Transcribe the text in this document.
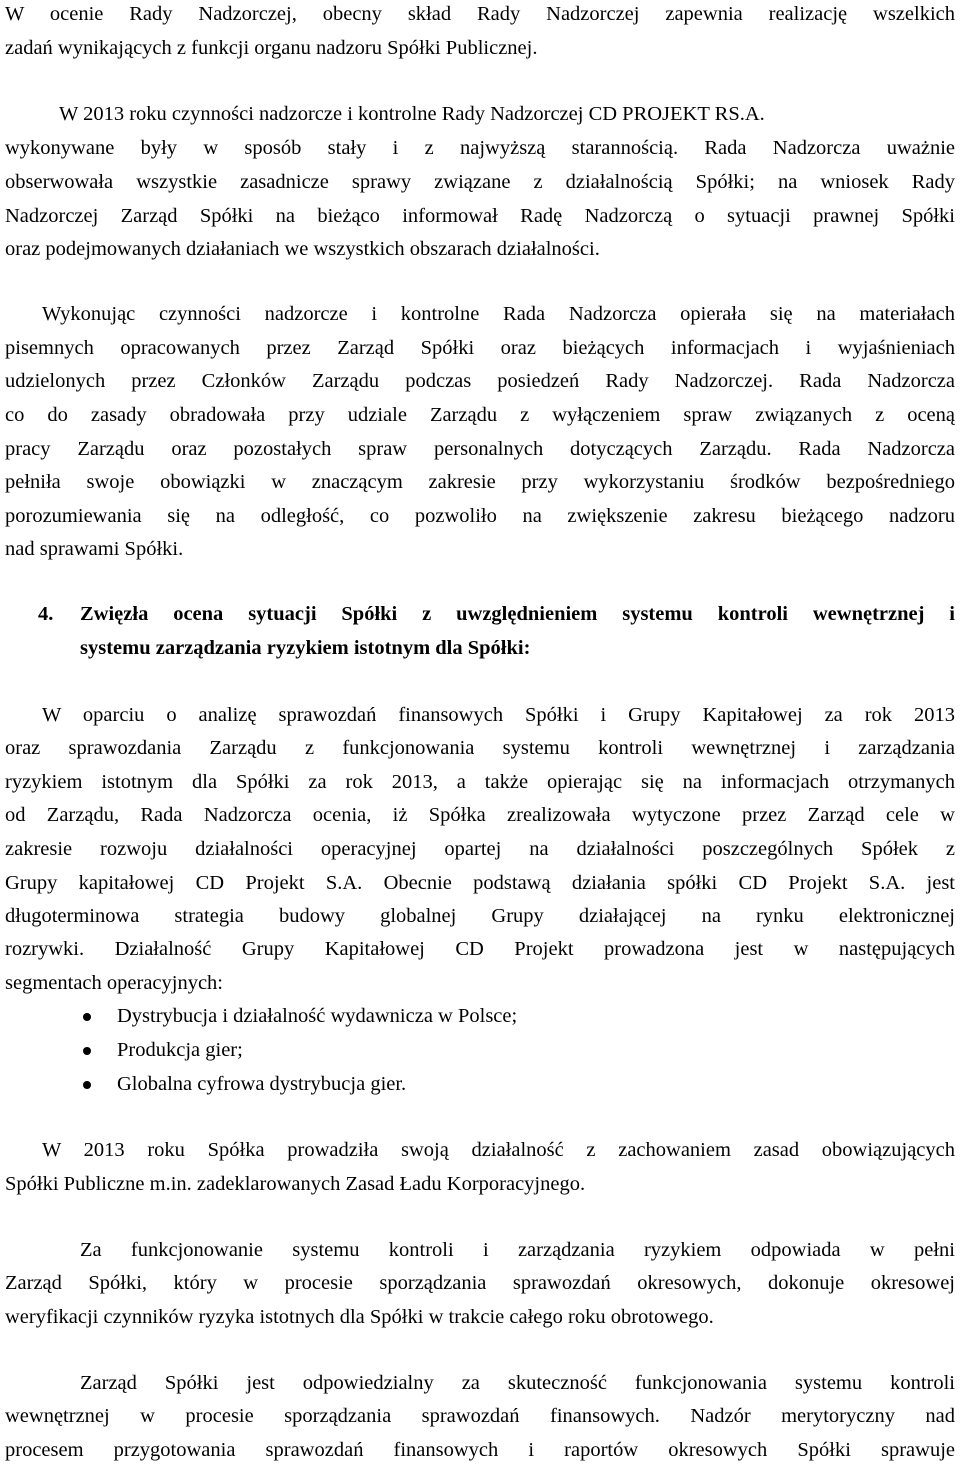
W ocenie Rady Nadzorczej, obecny skład Rady Nadzorczej zapewnia realizację wszelkich
zadań wynikających z funkcji organu nadzoru Spółki Publicznej.
W 2013 roku czynności nadzorcze i kontrolne Rady Nadzorczej CD PROJEKT RS.A.
wykonywane były w sposób stały i z najwyższą starannością. Rada Nadzorcza uważnie
obserwowała wszystkie zasadnicze sprawy związane z działalnością Spółki; na wniosek Rady
Nadzorczej Zarząd Spółki na bieżąco informował Radę Nadzorczą o sytuacji prawnej Spółki
oraz podejmowanych działaniach we wszystkich obszarach działalności.
Wykonując czynności nadzorcze i kontrolne Rada Nadzorcza opierała się na materiałach
pisemnych opracowanych przez Zarząd Spółki oraz bieżących informacjach i wyjaśnieniach
udzielonych przez Członków Zarządu podczas posiedzeń Rady Nadzorczej. Rada Nadzorcza
co do zasady obradowała przy udziale Zarządu z wyłączeniem spraw związanych z oceną
pracy Zarządu oraz pozostałych spraw personalnych dotyczących Zarządu. Rada Nadzorcza
pełniła swoje obowiązki w znaczącym zakresie przy wykorzystaniu środków bezpośredniego
porozumiewania się na odległość, co pozwoliło na zwiększenie zakresu bieżącego nadzoru
nad sprawami Spółki.
4. Zwięzła ocena sytuacji Spółki z uwzględnieniem systemu kontroli wewnętrznej i
systemu zarządzania ryzykiem istotnym dla Spółki:
W oparciu o analizę sprawozdań finansowych Spółki i Grupy Kapitałowej za rok 2013
oraz sprawozdania Zarządu z funkcjonowania systemu kontroli wewnętrznej i zarządzania
ryzykiem istotnym dla Spółki za rok 2013, a także opierając się na informacjach otrzymanych
od Zarządu, Rada Nadzorcza ocenia, iż Spółka zrealizowała wytyczone przez Zarząd cele w
zakresie rozwoju działalności operacyjnej opartej na działalności poszczególnych Spółek z
Grupy kapitałowej CD Projekt S.A. Obecnie podstawą działania spółki CD Projekt S.A. jest
długoterminowa strategia budowy globalnej Grupy działającej na rynku elektronicznej
rozrywki. Działalność Grupy Kapitałowej CD Projekt prowadzona jest w następujących
segmentach operacyjnych:
Dystrybucja i działalność wydawnicza w Polsce;
Produkcja gier;
Globalna cyfrowa dystrybucja gier.
W 2013 roku Spółka prowadziła swoją działalność z zachowaniem zasad obowiązujących
Spółki Publiczne m.in. zadeklarowanych Zasad Ładu Korporacyjnego.
Za funkcjonowanie systemu kontroli i zarządzania ryzykiem odpowiada w pełni
Zarząd Spółki, który w procesie sporządzania sprawozdań okresowych, dokonuje okresowej
weryfikacji czynników ryzyka istotnych dla Spółki w trakcie całego roku obrotowego.
Zarząd Spółki jest odpowiedzialny za skuteczność funkcjonowania systemu kontroli
wewnętrznej w procesie sporządzania sprawozdań finansowych. Nadzór merytoryczny nad
procesem przygotowania sprawozdań finansowych i raportów okresowych Spółki sprawuje
